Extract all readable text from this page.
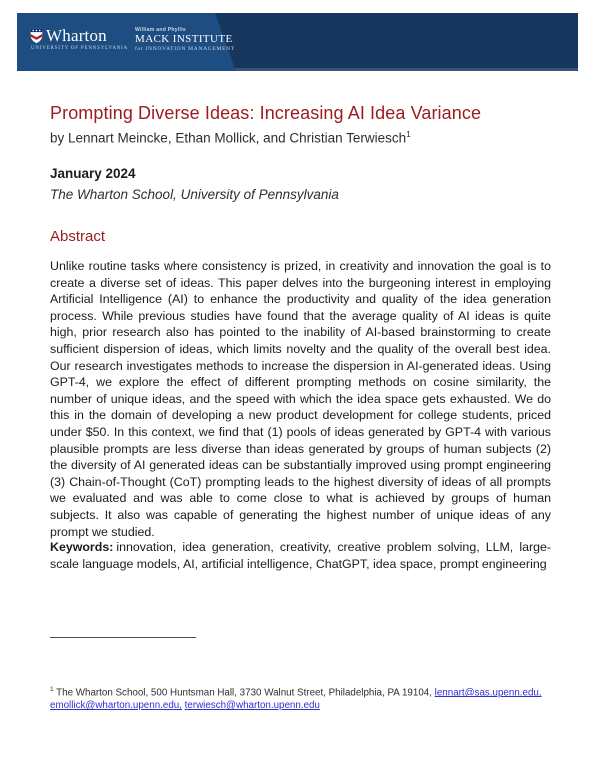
Wharton
UNIVERSITY OF PENNSYLVANIA
William and Phyllis
MACK INSTITUTE
for INNOVATION MANAGEMENT
Prompting Diverse Ideas: Increasing AI Idea Variance

by Lennart Meincke, Ethan Mollick, and Christian Terwiesch$^1$

January 2024

The Wharton School, University of Pennsylvania

Abstract

Unlike routine tasks where consistency is prized, in creativity and innovation the goal is to create a diverse set of ideas. This paper delves into the burgeoning interest in employing Artificial Intelligence (AI) to enhance the productivity and quality of the idea generation process. While previous studies have found that the average quality of AI ideas is quite high, prior research also has pointed to the inability of AI-based brainstorming to create sufficient dispersion of ideas, which limits novelty and the quality of the overall best idea. Our research investigates methods to increase the dispersion in AI-generated ideas. Using GPT-4, we explore the effect of different prompting methods on cosine similarity, the number of unique ideas, and the speed with which the idea space gets exhausted. We do this in the domain of developing a new product development for college students, priced under $50. In this context, we find that (1) pools of ideas generated by GPT-4 with various plausible prompts are less diverse than ideas generated by groups of human subjects (2) the diversity of AI generated ideas can be substantially improved using prompt engineering (3) Chain-of-Thought (CoT) prompting leads to the highest diversity of ideas of all prompts we evaluated and was able to come close to what is achieved by groups of human subjects. It also was capable of generating the highest number of unique ideas of any prompt we studied.

Keywords: innovation, idea generation, creativity, creative problem solving, LLM, large-scale language models, AI, artificial intelligence, ChatGPT, idea space, prompt engineering

$^1$ The Wharton School, 500 Huntsman Hall, 3730 Walnut Street, Philadelphia, PA 19104, lennart@sas.upenn.edu, emollick@wharton.upenn.edu, terwiesch@wharton.upenn.edu
